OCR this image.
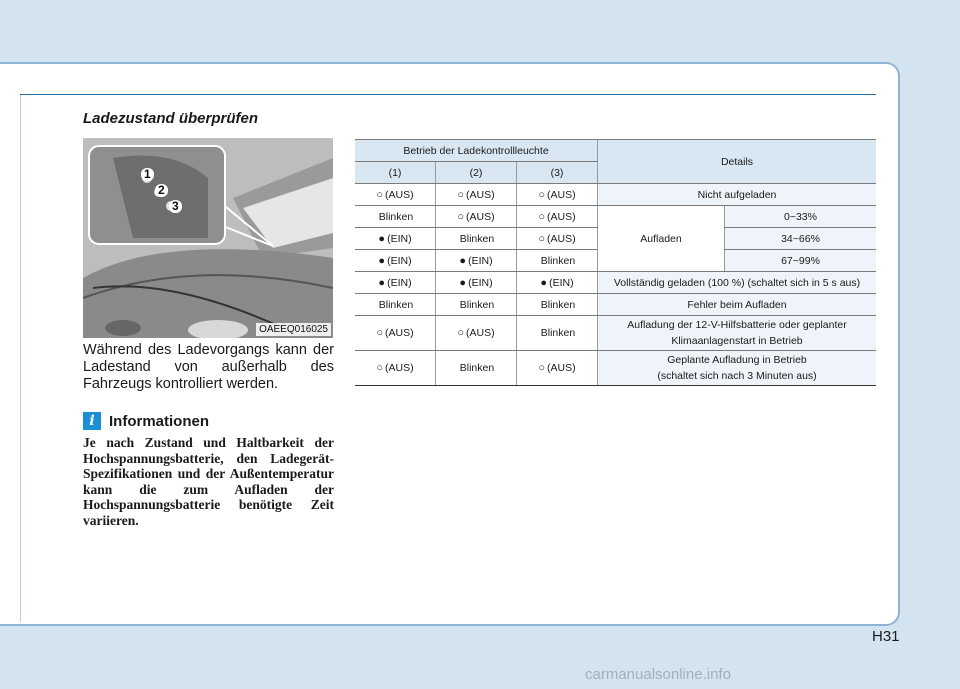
Ladezustand überprüfen
1
2
3
OAEEQ016025

Während des Ladevorgangs kann der Ladestand von außerhalb des Fahrzeugs kontrolliert werden.

i Informationen

Je nach Zustand und Haltbarkeit der Hochspannungsbatterie, den Ladegerät-Spezifikationen und der Außentemperatur kann die zum Aufladen der Hochspannungsbatterie benötigte Zeit variieren.

Betrieb der Ladekontrollleuchte			Details	
(1)	(2)	(3)		
○ (AUS)	○ (AUS)	○ (AUS)	Nicht aufgeladen	
Blinken	○ (AUS)	○ (AUS)	Aufladen	0~33%
● (EIN)	Blinken	○ (AUS)		34~66%
● (EIN)	● (EIN)	Blinken		67~99%
● (EIN)	● (EIN)	● (EIN)	Vollständig geladen (100 %) (schaltet sich in 5 s aus)	
Blinken	Blinken	Blinken	Fehler beim Aufladen	
○ (AUS)	○ (AUS)	Blinken	Aufladung der 12-V-Hilfsbatterie oder geplanter
Klimaanlagenstart in Betrieb	
○ (AUS)	Blinken	○ (AUS)	Geplante Aufladung in Betrieb
(schaltet sich nach 3 Minuten aus)	

H31

carmanualsonline.info
